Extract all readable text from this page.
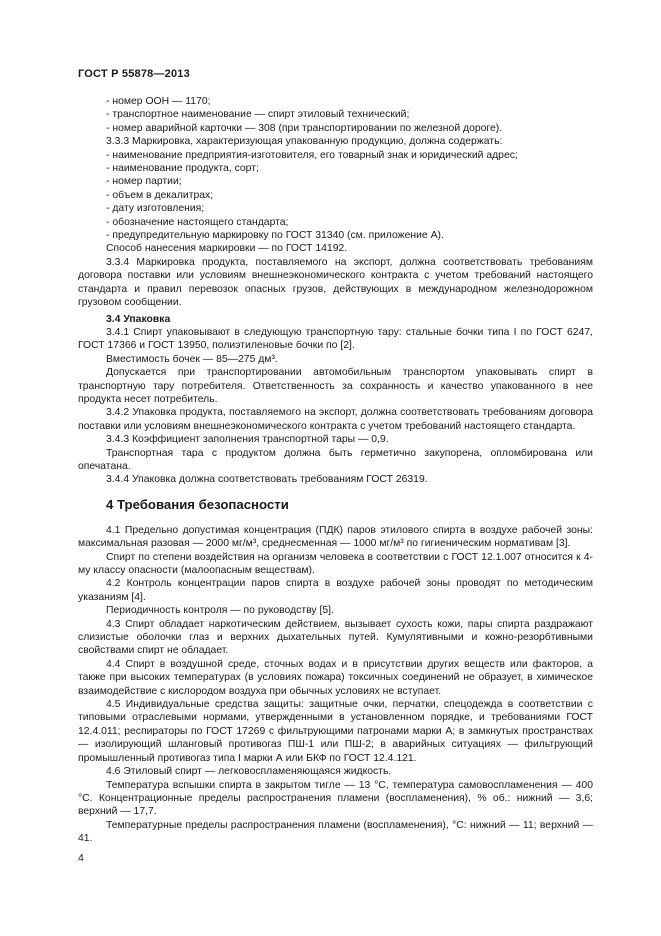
ГОСТ Р 55878—2013

- номер ООН — 1170;

- транспортное наименование — спирт этиловый технический;

- номер аварийной карточки — 308 (при транспортировании по железной дороге).

3.3.3 Маркировка, характеризующая упакованную продукцию, должна содержать:

- наименование предприятия-изготовителя, его товарный знак и юридический адрес;

- наименование продукта, сорт;

- номер партии;

- объем в декалитрах;

- дату изготовления;

- обозначение настоящего стандарта;

- предупредительную маркировку по ГОСТ 31340 (см. приложение А).

Способ нанесения маркировки — по ГОСТ 14192.

3.3.4 Маркировка продукта, поставляемого на экспорт, должна соответствовать требованиям договора поставки или условиям внешнеэкономического контракта с учетом требований настоящего стандарта и правил перевозок опасных грузов, действующих в международном железнодорожном грузовом сообщении.

3.4 Упаковка

3.4.1 Спирт упаковывают в следующую транспортную тару: стальные бочки типа I по ГОСТ 6247, ГОСТ 17366 и ГОСТ 13950, полиэтиленовые бочки по [2].

Вместимость бочек — 85—275 дм³.

Допускается при транспортировании автомобильным транспортом упаковывать спирт в транспортную тару потребителя. Ответственность за сохранность и качество упакованного в нее продукта несет потребитель.

3.4.2 Упаковка продукта, поставляемого на экспорт, должна соответствовать требованиям договора поставки или условиям внешнеэкономического контракта с учетом требований настоящего стандарта.

3.4.3 Коэффициент заполнения транспортной тары — 0,9.

Транспортная тара с продуктом должна быть герметично закупорена, опломбирована или опечатана.

3.4.4 Упаковка должна соответствовать требованиям ГОСТ 26319.

4 Требования безопасности

4.1 Предельно допустимая концентрация (ПДК) паров этилового спирта в воздухе рабочей зоны: максимальная разовая — 2000 мг/м³, среднесменная — 1000 мг/м³ по гигиеническим нормативам [3].

Спирт по степени воздействия на организм человека в соответствии с ГОСТ 12.1.007 относится к 4-му классу опасности (малоопасным веществам).

4.2 Контроль концентрации паров спирта в воздухе рабочей зоны проводят по методическим указаниям [4].

Периодичность контроля — по руководству [5].

4.3 Спирт обладает наркотическим действием, вызывает сухость кожи, пары спирта раздражают слизистые оболочки глаз и верхних дыхательных путей. Кумулятивными и кожно-резорбтивными свойствами спирт не обладает.

4.4 Спирт в воздушной среде, сточных водах и в присутствии других веществ или факторов, а также при высоких температурах (в условиях пожара) токсичных соединений не образует, в химическое взаимодействие с кислородом воздуха при обычных условиях не вступает.

4.5 Индивидуальные средства защиты: защитные очки, перчатки, спецодежда в соответствии с типовыми отраслевыми нормами, утвержденными в установленном порядке, и требованиями ГОСТ 12.4.011; респираторы по ГОСТ 17269 с фильтрующими патронами марки А; в замкнутых пространствах — изолирующий шланговый противогаз ПШ-1 или ПШ-2; в аварийных ситуациях — фильтрующий промышленный противогаз типа I марки А или БКФ по ГОСТ 12.4.121.

4.6 Этиловый спирт — легковоспламеняющаяся жидкость.

Температура вспышки спирта в закрытом тигле — 13 °С, температура самовоспламенения — 400 °С. Концентрационные пределы распространения пламени (воспламенения), % об.: нижний — 3,6; верхний — 17,7.

Температурные пределы распространения пламени (воспламенения), °С: нижний — 11; верхний — 41.

4
